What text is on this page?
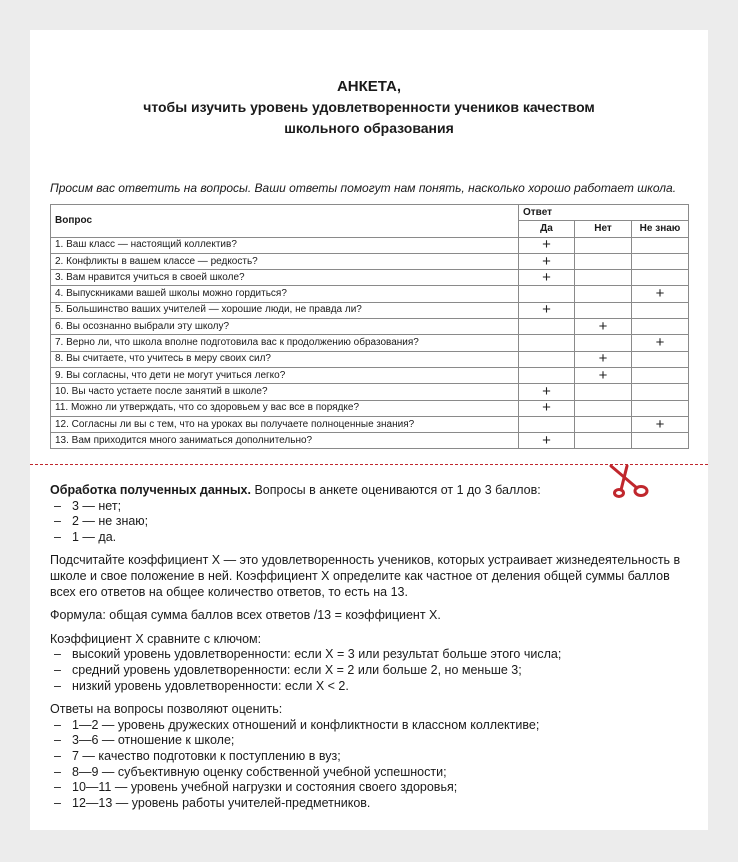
АНКЕТА,
чтобы изучить уровень удовлетворенности учеников качеством
школьного образования
Просим вас ответить на вопросы. Ваши ответы помогут нам понять, насколько хорошо работает школа.
Вопрос	Ответ		
	Да	Нет	Не знаю
1. Ваш класс — настоящий коллектив?	+		
2. Конфликты в вашем классе — редкость?	+		
3. Вам нравится учиться в своей школе?	+		
4. Выпускниками вашей школы можно гордиться?			+
5. Большинство ваших учителей — хорошие люди, не правда ли?	+		
6. Вы осознанно выбрали эту школу?		+	
7. Верно ли, что школа вполне подготовила вас к продолжению образования?			+
8. Вы считаете, что учитесь в меру своих сил?		+	
9. Вы согласны, что дети не могут учиться легко?		+	
10. Вы часто устаете после занятий в школе?	+		
11. Можно ли утверждать, что со здоровьем у вас все в порядке?	+		
12. Согласны ли вы с тем, что на уроках вы получаете полноценные знания?			+
13. Вам приходится много заниматься дополнительно?	+		

Обработка полученных данных. Вопросы в анкете оцениваются от 1 до 3 баллов:

– 3 — нет;

– 2 — не знаю;

– 1 — да.

Подсчитайте коэффициент Х — это удовлетворенность учеников, которых устраивает жизнедеятельность в школе и свое положение в ней. Коэффициент Х определите как частное от деления общей суммы баллов всех его ответов на общее количество ответов, то есть на 13.

Формула: общая сумма баллов всех ответов /13 = коэффициент Х.

Коэффициент Х сравните с ключом:

– высокий уровень удовлетворенности: если Х = 3 или результат больше этого числа;

– средний уровень удовлетворенности: если Х = 2 или больше 2, но меньше 3;

– низкий уровень удовлетворенности: если Х < 2.

Ответы на вопросы позволяют оценить:

– 1—2 — уровень дружеских отношений и конфликтности в классном коллективе;

– 3—6 — отношение к школе;

– 7 — качество подготовки к поступлению в вуз;

– 8—9 — субъективную оценку собственной учебной успешности;

– 10—11 — уровень учебной нагрузки и состояния своего здоровья;

– 12—13 — уровень работы учителей-предметников.
